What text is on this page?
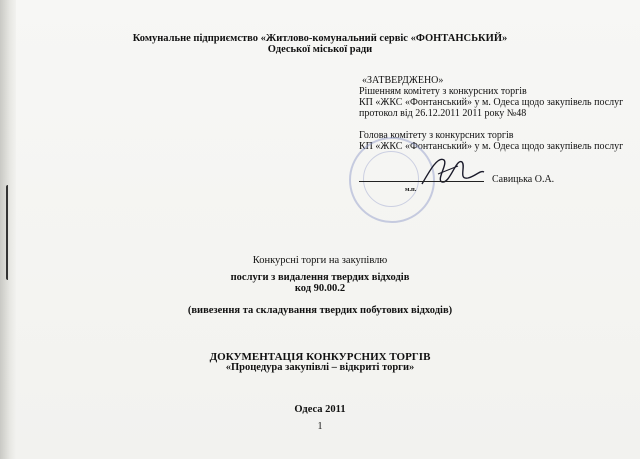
Комунальне підприємство «Житлово-комунальний сервіс «ФОНТАНСЬКИЙ»
Одеської міської ради
«ЗАТВЕРДЖЕНО»
Рішенням комітету з конкурсних торгів
КП «ЖКС «Фонтанський» у м. Одеса щодо закупівель послуг
протокол від 26.12.2011 2011 року №48
Голова комітету з конкурсних торгів
КП «ЖКС «Фонтанський» у м. Одеса щодо закупівель послуг
м.п.
Савицька О.А.
Конкурсні торги на закупівлю
послуги з видалення твердих відходів
код 90.00.2
(вивезення та складування твердих побутових відходів)
ДОКУМЕНТАЦІЯ КОНКУРСНИХ ТОРГІВ
«Процедура закупівлі – відкриті торги»
Одеса 2011
1
